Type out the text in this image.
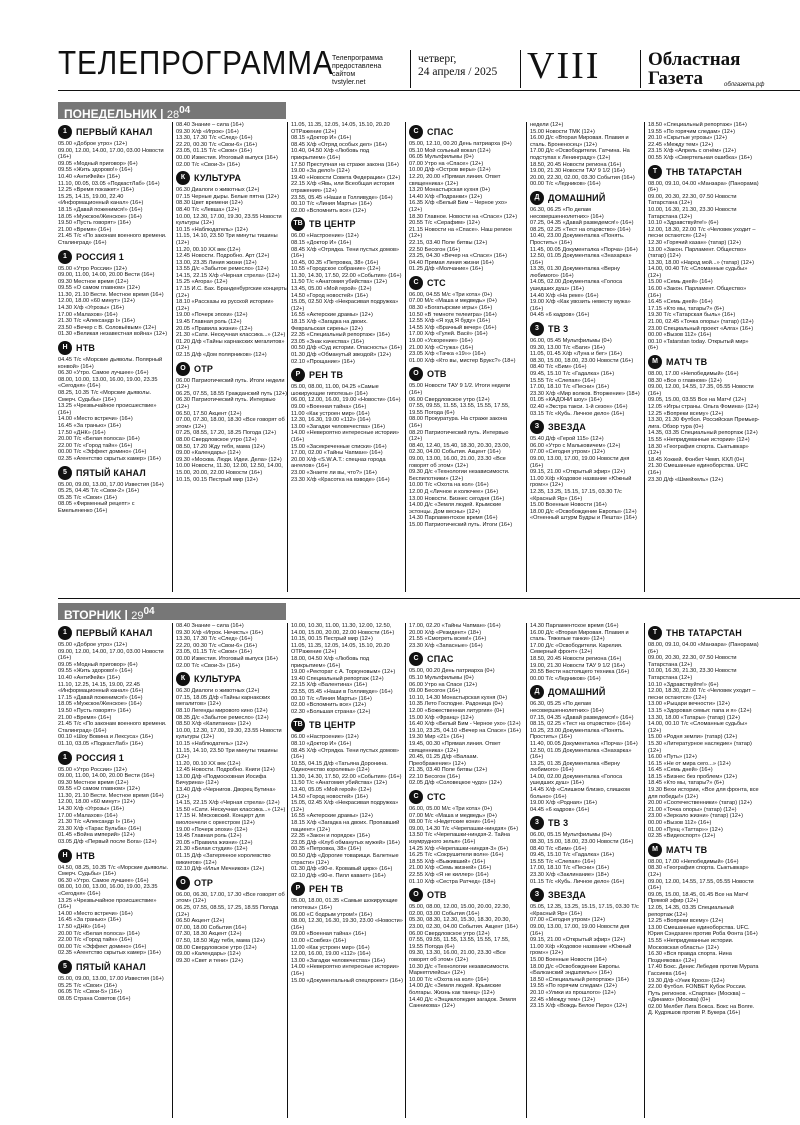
ТЕЛЕПРОГРАММА
Телепрограмма
предоставлена
сайтом
tvstyler.net
четверг,
24 апреля / 2025 VIII	Областная
Газета	облгазета.рф
ПОНЕДЕЛЬНИК | $28^{04}$
1	ПЕРВЫЙ КАНАЛ

05.00 «Доброе утро» (12+)

09.00, 12.00, 14.00, 17.00, 03.00 Новости (16+)

09.05 «Модный приговор» (6+)

09.55 «Жить здорово!» (16+)

10.40 «АнтиФейк» (16+)

11.10, 00.05, 03.05 «ПодкастЛаб» (16+)

12.25 «Время покажет» (16+)

15.25, 14.15, 19.00, 22.40 «Информационный канал» (16+)

18.15 «Давай поженимся!» (16+)

18.05 «Мужское/Женское» (16+)

19.50 «Пусть говорят» (16+)

21.00 «Время» (16+)

21.45 Т/с «По законам военного времени. Сталинград» (16+)

1	РОССИЯ 1

05.00 «Утро России» (12+)

09.00, 11.00, 14.00, 20.00 Вести (16+)

09.30 Местное время (12+)

09.55 «О самом главном» (12+)

11.30, 21.10 Вести. Местное время (16+)

12.00, 18.00 «60 минут» (12+)

14.30 Х/ф «Угрозы» (16+)

17.00 «Малахов» (16+)

21.30 Т/с «Александр I» (16+)

23.50 «Вечер с В. Соловьёвым» (12+)

01.30 «Великая незавестная война» (12+)

Н НТВ

04.45 Т/с «Морские дьяволы. Полярный конвой» (16+)

06.30 «Утро. Самое лучшее» (16+)

08.00, 10.00, 13.00, 16.00, 19.00, 23.35 «Сегодня» (16+)

08.25, 10.35 Т/с «Морские дьяволы. Смерч. Судьбы» (16+)

13.25 «Чрезвычайное происшествие» (16+)

14.00 «Место встречи» (16+)

16.45 «За гранью» (16+)

17.50 «ДНК» (16+)

20.00 Т/с «Белая полоса» (16+)

22.00 Т/с «Город тайн» (16+)

00.00 Т/с «Эффект домино» (16+)

02.35 «Агентство скрытых камер» (16+)

5	ПЯТЫЙ КАНАЛ

05.00, 09.00, 13.00, 17.00 Известия (16+)

05.25, 04.45 Т/с «Свои-2» (16+)

05.35 Т/с «Свои» (16+)

08.05 «Фирменный рецепт» с Емельяненко (16+)

08.40 Знание – сила (16+)

09.30 Х/ф «Игрок» (16+)

13.30, 17.30 Т/с «След» (16+)

22.20, 00.30 Т/с «Свои-6» (16+)

23.05, 01.15 Т/с «Свои» (16+)

00.00 Известия. Итоговый выпуск (16+)

02.00 Т/с «Свои-3» (16+)

К КУЛЬТУРА

06.30 Диалоги о животных (12+)

07.15 Черные дыры. Белые пятна (12+)

08.30 Цвет времени (12+)

08.40 Т/с «Левша» (12+)

10.00, 12.30, 17.00, 19.30, 23.55 Новости культуры (12+)

10.15 «Наблюдатель» (12+)

11.15, 14.10, 23.50 Три минуты тишины (12+)

11.20, 00.10 ХХ век (12+)

12.45 Новости. Подробно. Арт (12+)

13.00, 23.35 Линия жизни (12+)

13.55 Д/с «Забытое ремесло» (12+)

14.15, 22.15 Х/ф «Черная стрела» (12+)

15.25 «Агора» (12+)

17.15 И.С. Бах. Бранденбургские концерты (12+)

18.10 «Рассказы из русской истории» (12+)

19.00 «Почерк эпохи» (12+)

19.45 Главная роль (12+)

20.05 «Правила жизни» (12+)

21.30 «Сати. Нескучная классика...» (12+)

01.20 Д/ф «Тайны карнакских мегалитов» (12+)

02.15 Д/ф «Дом полярников» (12+)

О ОТР

06.00 Патриотический путь. Итоги недели (12+)

06.25, 07.55, 18.55 Гражданский путь (12+)

06.30 Патриотический путь. Интервью (12+)

06.50, 17.50 Акцент (12+)

07.00, 07.30, 18.00, 18.30 «Все говорят об этом» (12+)

07.25, 08.55, 17.20, 18.25 Погода (12+)

08.00 Свердловское утро (12+)

08.50, 17.20 Жду тебя, мама (12+)

09.00 «Календарь» (12+)

09.30 «Москва. Люди. Идеи. Дела» (12+)

10.00 Новости, 11.30, 12.00, 12.50, 14.00, 15.00, 20.00, 22.00 Новости (16+)

10.15, 00.15 Пестрый мир (12+)

11.05, 11.35, 12.05, 14.05, 15.10, 20.20 ОТРажение (12+)

08.15 «Доктор И» (16+)

08.45 Х/ф «Отряд особых дел» (16+)

10.40, 04.50 Х/ф «Любовь под прикрытием» (16+)

17.50 Преступная на страже закона (16+)

19.00 «За дело!» (12+)

19.40 «Новости Совета Федерации» (12+)

22.15 Х/ф «Явь, или Всеобщая история отражения» (12+)

23.55, 05.45 «Наши в Голливуде» (16+)

00.10 Т/с «Линия Марты» (16+)

02.00 «Вспомнить все» (12+)

ТВ ТВ ЦЕНТР

06.00 «Настроение» (12+)

08.15 «Доктор И» (16+)

08.45 Х/ф «Отрядка. Тени пустых домов» (16+)

10.45, 00.35 «Петровка, 38» (16+)

10.55 «Городское собрание» (12+)

11.30, 14.30, 17.50, 22.00 «События» (16+)

11.50 Т/с «Анатомия убийства» (12+)

13.45, 05.00 «Мой герой» (12+)

14.50 «Город новостей» (16+)

15.05, 02.50 Х/ф «Некрасивая подружка» (12+)

16.55 «Актерские драмы» (12+)

18.15 Х/ф «Загадка на двоих. Февральская сирень» (12+)

22.35 «Специальный репортаж» (16+)

23.05 «Знак качества» (16+)

00.50 Д/ф «Суд истории. Опасность» (16+)

01.30 Д/ф «Обманутый звездой» (12+)

02.10 «Прощание» (16+)

Р РЕН ТВ

05.00, 08.00, 11.00, 04.25 «Самые шокирующие гипотезы» (16+)

06.00, 12.00, 16.00, 19.00 «Новости» (16+)

09.00 «Военная тайна» (16+)

11.00 «Как устроен мир» (16+)

12.30, 16.30, 19.00 «112» (16+)

13.00 «Загадки человечества» (16+)

14.00 «Невероятно интересные истории» (16+)

15.00 «Засекреченные списки» (16+)

17.00, 02.00 «Тайны Чапман» (16+)

20.00 Х/ф «S.W.A.T.: спецназ города ангелов» (16+)

23.00 «Знаете ли вы, что?» (16+)

23.30 Х/ф «Красотка на взводе» (16+)

С СПАС

05.00, 12.10, 00.20 День патриарха (0+)

05.10 Мой сольный вокал (12+)

06.05 Мультфильмы (0+)

07.00 Утро на «Спасе» (12+)

10.00 Д/ф «Остров веры» (12+)

12.20, 20.00 «Прямая линия. Ответ священника» (12+)

13.20 Монастырская кухня (0+)

14.40 Х/ф «Подранки» (12+)

16.35 Х/ф «Белый Бим – Черное ухо» (12+)

18.30 Главное. Новости на «Спасе» (12+)

20.55 Т/с «Серафим» (12+)

21.15 Новости на «Спасе». Наш регион (12+)

22.15, 03.40 Поле битвы (12+)

22.50 Бесогон (16+)

23.25, 04.30 «Вечер на «Спасе» (16+)

04.40 Прямая линия жизни (16+)

01.25 Д/ф «Молчание» (16+)

С СТС

06.00, 04.55 М/с «Три кота» (0+)

07.00 М/с «Маша и медведь» (0+)

08.30 «Богатырские игры» (16+)

10.50 «В темноте телеигра» (16+)

12.55 Х/ф «Я худ Я буду» (16+)

14.55 Х/ф «Брачный вечер» (16+)

17.00 Х/ф «Гулей. Васё» (16+)

19.00 «Ускорение» (16+)

21.00 Х/ф «Стужа» (16+)

23.05 Х/ф «Тачка «19»» (16+)

01.00 Х/ф «Кто вы, мистер Брукс?» (18+)

О ОТВ

05.00 Новости ТАУ 9 1/2. Итоги недели (16+)

06.00 Свердловское утро (12+)

07.55, 09.55, 11.55, 13.55, 15.55, 17.55, 19.55 Погода (6+)

08.00 Прокуратура. На страже закона (16+)

08.20 Патриотический путь. Интервью (12+)

08.40, 12.40, 15.40, 18.30, 20.30, 23.00, 02.30, 04.00 События. Акцент (16+)

09.00, 13.00, 16.00, 21.00, 23.30 «Все говорят об этом» (12+)

09.30 Д/с «Технологии независимости. Беспилотники» (12+)

10.00 Т/с «Охота на кол» (16+)

12.00 Д «Личное и колючее» (16+)

13.00 Новости. Бизнес сегодня (16+)

14.00 Д/с «Земля людей. Крымские эстонцы. Дом весны» (12+)

14.30 Парламентское время (16+)

15.00 Патриотический путь. Итоги (16+)

недели (12+)

15.00 Новости ТМК (12+)

16.00 Д/с «Вторая Мировая. Плавия и сталь. Броненосец» (12+)

17.00 Д/с «Освободители. Гатчина. На подступах к Ленинграду» (12+)

18.50, 20.45 Новости региона (16+)

19.00, 21.30 Новости ТАУ 9 1/2 (16+)

20.00, 22.30, 02.00, 03.30 События (16+)

00.00 Т/с «Ледников» (16+)

Д ДОМАШНИЙ

06.30, 06.25 «По делам несовершеннолетних» (16+)

07.25, 04.35 «Давай разведемся!» (16+)

08.25, 02.25 «Тест на отцовство» (16+)

10.40, 23.00 Документалка «Понять. Простить» (16+)

11.45, 00.05 Документалка «Порча» (16+)

12.50, 01.05 Документалка «Знахарка» (16+)

13.35, 01.30 Документалка «Верну любимого» (16+)

14.05, 02.00 Документалка «Голоса ушедших душ» (16+)

14.40 Х/ф «На реке» (16+)

19.00 Х/ф «Как увозить невесту мужа» (16+)

04.45 «6 кадров» (16+)

3	ТВ 3

06.00, 05.45 Мультфильмы (0+)

09.30, 13.00 Т/с «Баги» (16+)

11.05, 01.45 Х/ф «Луна и бег» (16+)

08.30, 15.00, 18.00, 23.00 Новости (16+)

08.40 Т/с «Бим» (16+)

09.45, 15.10 Т/с «Гадалка» (16+)

15.55 Т/с «Слепая» (16+)

17.00, 18.10 Т/с «Песни» (16+)

23.30 Х/ф «Мир волков. Вторжение» (18+)

01.05 «КАДОНИ шоу» (16+)

02.40 «Экстра такси. 1-й сезон» (16+)

03.15 Т/с «Кубь. Личное дело» (16+)

З ЗВЕЗДА

05.40 Д/ф «Герой 115» (12+)

06.00 «Утро с Мальковичем» (12+)

07.00 «Сегодня утром» (12+)

09.00, 13.00, 17.00, 19.00 Новости дня (16+)

09.15, 21.00 «Открытый эфир» (12+)

11.00 Х/ф «Кодовое название «Южный гром»» (12+)

12.35, 13.25, 15.15, 17.15, 03.30 Т/с «Красный Яр» (16+)

15.00 Военные Новости (16+)

18.00 Д/с «Освобождение Европы» (12+)

«Огненный штурм Будры и Пешта» (16+)

18.50 «Специальный репортаж» (16+)

19.55 «По горячим следам» (12+)

20.10 «Скрытые угрозы» (12+)

22.45 «Между тем» (12+)

23.15 Х/ф «Апрель с огнём» (12+)

00.55 Х/ф «Смертельная ошибка» (16+)

Т ТНВ ТАТАРСТАН

08.00, 09.10, 04.00 «Манзара» (Панорама) (6+)

09.00, 20.30, 22.30, 07.50 Новости Татарстана (12+)

10.00, 16.30, 21.30, 23.30 Новости Татарстана (12+)

10.10 «Здравствуйте!» (6+)

12.00, 18.30, 22.00 Т/с «Человек уходит – песни остаются» (12+)

12.30 «Горячий казан» (татар) (12+)

13.00 «Закон. Парламент. Общество» (татар) (12+)

13.30, 18.00 «Народ мой...» (татар) (12+)

14.00, 00.40 Т/с «Сломанные судьбы» (12+)

15.00 «Семь дней» (16+)

16.00 «Закон. Парламент. Общество» (16+)

16.45 «Семь дней» (16+)

17.15 «Кто мы, татары?» (6+)

19.30 Т/с «Татарская быль» (16+)

21.00, 02.45 «Точка опоры» (татар) (12+)

23.00 Специальный проект «Алга» (16+)

00.00 «Вызов 112» (16+)

00.10 «Tatarstan today. Открытый мир» (6+)

М МАТЧ ТВ

08.00, 17.00 «Непобедимый» (16+)

08.30 «Все о главном» (12+)

09.00, 12.00, 14.55, 17.35, 05.55 Новости (16+)

09.05, 15.00, 03.55 Все на Матч! (12+)

12.05 «Игры страны. Ольга Фомина» (12+)

12.25 «Вопреки всему» (12+)

13.30, 21.30 Футбол. Российская Премьер-лига. Обзор тура (0+)

14.35, 03.35 Специальный репортаж (12+)

15.55 «Непридуманные истории» (12+)

18.30 «География спорта. Сыктывкар» (12+)

18.45 Хоккей. Фонбет Чемп. КХЛ (0+)

21.30 Смешанные единоборства. UFC (16+)

23.30 Д/ф «Шмейхель» (12+)

ВТОРНИК | $29^{04}$
1	ПЕРВЫЙ КАНАЛ

05.00 «Доброе утро» (12+)

09.00, 12.00, 14.00, 17.00, 03.00 Новости (16+)

09.05 «Модный приговор» (6+)

09.55 «Жить здорово!» (16+)

10.40 «АнтиФейк» (16+)

11.10, 12.25, 14.15, 19.00, 22.45 «Информационный канал» (16+)

17.15 «Давай поженимся!» (16+)

18.05 «Мужское/Женское» (16+)

19.50 «Пусть говорят» (16+)

21.00 «Время» (16+)

21.45 Т/с «По законам военного времени. Сталинград» (16+)

00.10 «Шоу Вовина и Лексуса» (16+)

01.10, 03.05 «ПодкастЛаб» (16+)

1	РОССИЯ 1

05.00 «Утро России» (12+)

09.00, 11.00, 14.00, 20.00 Вести (16+)

09.30 Местное время (12+)

09.55 «О самом главном» (12+)

11.30, 21.10 Вести. Местное время (16+)

12.00, 18.00 «60 минут» (12+)

14.30 Х/ф «Угрозы» (16+)

17.00 «Малахов» (16+)

21.30 Т/с «Александр I» (16+)

23.30 Х/ф «Тарас Бульба» (16+)

01.45 «Война империй» (12+)

03.05 Д/ф «Первый после Бога» (12+)

Н НТВ

04.50, 08.25, 10.35 Т/с «Морские дьяволы. Смерч. Судьбы» (16+)

06.30 «Утро. Самое лучшее» (16+)

08.00, 10.00, 13.00, 16.00, 19.00, 23.35 «Сегодня» (16+)

13.25 «Чрезвычайное происшествие» (16+)

14.00 «Место встречи» (16+)

16.45 «За гранью» (16+)

17.50 «ДНК» (16+)

20.00 Т/с «Белая полоса» (16+)

22.00 Т/с «Город тайн» (16+)

00.00 Т/с «Эффект домино» (16+)

02.35 «Агентство скрытых камер» (16+)

5	ПЯТЫЙ КАНАЛ

05.00, 09.00, 13.00, 17.00 Известия (16+)

05.25 Т/с «Свои» (16+)

06.05 Т/с «Свои-5» (16+)

08.05 Страна Советов (16+)

08.40 Знание – сила (16+)

09.30 Х/ф «Игрок. Нечисть» (16+)

13.30, 17.30 Т/с «След» (16+)

22.20, 00.30 Т/с «Свои-6» (16+)

23.05, 01.15 Т/с «Свои» (16+)

00.00 Известия. Итоговый выпуск (16+)

02.00 Т/с «Свои-3» (16+)

К КУЛЬТУРА

06.30 Диалоги о животных (12+)

07.15, 18.05 Д/ф «Тайны карнакских мегалитов» (12+)

08.10 Легенды мирового кино (12+)

08.35 Д/с «Забытое ремесло» (12+)

08.50 Х/ф «Капитанка» (12+)

10.00, 12.30, 17.00, 19.30, 23.55 Новости культуры (12+)

10.15 «Наблюдатель» (12+)

11.15, 14.10, 23.50 Три минуты тишины (12+)

11.20, 00.10 ХХ век (12+)

12.45 Новости. Подробно. Книги (12+)

13.00 Д/ф «Подмосковная Иосифа Бичурина» (12+)

13.40 Д/ф «Чернигов. Дворец Бутина» (12+)

14.15, 22.15 Х/ф «Черная стрела» (12+)

15.50 «Сати. Нескучная классика...» (12+)

17.15 Н. Мясковский. Концерт для виолончели с оркестром (12+)

19.00 «Почерк эпохи» (12+)

19.45 Главная роль (12+)

20.05 «Правила жизни» (12+)

21.30 «Белая студия» (12+)

01.15 Д/ф «Затерянное королевство викингов» (12+)

02.10 Д/ф «Илья Мечников» (12+)

О ОТР

06.00, 06.30, 17.00, 17.30 «Все говорят об этом» (12+)

06.25, 07.55, 08.55, 17.25, 18.55 Погода (12+)

06.50 Акцент (12+)

07.00, 18.00 События (16+)

07.30, 18.30 Акцент (12+)

07.50, 18.50 Жду тебя, мама (12+)

08.00 Свердловское утро (12+)

09.00 «Календарь» (12+)

09.30 «Свет и тени» (12+)

10.00, 10.30, 11.00, 11.30, 12.00, 12.50, 14.00, 15.00, 20.00, 22.00 Новости (16+)

10.15, 00.15 Пестрый мир (12+)

11.05, 11.35, 12.05, 14.05, 15.10, 20.20 ОТРажение (12+)

18.00, 04.50 Х/ф «Любовь под прикрытием» (16+)

19.00 «Ректорат с А. Торкуновым» (12+)

19.40 Специальный репортаж (12+)

22.15 Х/ф «Валентина» (16+)

23.55, 05.45 «Наши в Голливуде» (16+)

00.10 Т/с «Линия Марты» (16+)

02.00 «Вспомнить все» (12+)

02.30 «Большая страна» (12+)

ТВ ТВ ЦЕНТР

06.00 «Настроение» (12+)

08.10 «Доктор И» (16+)

08.45 Х/ф «Отрядка. Тени пустых домов» (16+)

10.55, 04.15 Д/ф «Татьяна Доронина. Одиночество королевы» (12+)

11.30, 14.30, 17.50, 22.00 «События» (16+)

11.50 Т/с «Анатомия убийства» (12+)

13.40, 05.05 «Мой герой» (12+)

14.50 «Город новостей» (16+)

15.05, 02.45 Х/ф «Некрасивая подружка» (12+)

16.55 «Актерские драмы» (12+)

18.15 Х/ф «Загадка на двоих. Пропавший пациент» (12+)

22.35 «Закон и порядок» (16+)

23.05 Д/ф «Клуб обманутых мужей» (16+)

00.35 «Петровка, 38» (16+)

00.50 Д/ф «Дорогие товарищи. Балетные страсти» (12+)

01.30 Д/ф «90-е. Кровавый цирк» (16+)

02.10 Д/ф «90-е. Пилл кавает» (16+)

Р РЕН ТВ

05.00, 18.00, 01.35 «Самые шокирующие гипотезы» (16+)

06.00 «С бодрым утром!» (16+)

08.00, 12.30, 16.30, 19.30, 23.00 «Новости» (16+)

09.00 «Военная тайна» (16+)

10.00 «Совбез» (16+)

11.00 «Как устроен мир» (16+)

12.00, 16.00, 19.00 «112» (16+)

13.00 «Загадки человечества» (16+)

14.00 «Невероятно интересные истории» (16+)

15.00 «Документальный спецпроект» (16+)

17.00, 02.20 «Тайны Чапман» (16+)

20.00 Х/ф «Резидент» (18+)

21.55 «Смотреть всем!» (16+)

23.30 Х/ф «Запасные» (16+)

С СПАС

05.00, 00.20 День патриарха (0+)

05.10 Мультфильмы (0+)

06.00 Утро на Спасе (12+)

09.00 Бесогон (16+)

10.10, 14.30 Монастырская кухня (0+)

10.35 Лето Господне. Радоница (0+)

12.00 «Божественная литургия» (0+)

15.00 Х/ф «Франц» (12+)

16.40 Х/ф «Белый Бим - Черное ухо» (12+)

19.10, 23.25, 04.10 «Вечер на Спасе» (16+)

19.30 Мир «21» (16+)

19.45, 00.30 «Прямая линия. Ответ священника» (12+)

20.45, 01.25 Д/ф «Валаам. Преображение» (12+)

21.35, 03.40 Поле битвы (12+)

22.10 Бесогон (16+)

02.05 Д/ф «Соловецкое чудо» (12+)

С СТС

06.00, 05.00 М/с «Три кота» (0+)

07.00 М/с «Маша и медведь» (0+)

08.00 Т/с «Недетские кони» (16+)

09.00, 14.30 Т/с «Черепашки-ниндзя» (6+)

13.50 Т/с «Черепашки-ниндзя-2. Тайна изумрудного зелья» (16+)

14.25 Х/ф «Черепашки-ниндзя-3» (6+)

16.25 Т/с «Сокрушители волн» (16+)

18.55 Х/ф «Выживший» (16+)

21.00 Х/ф «Семь жизней» (16+)

22.55 Х/ф «Я не киллер» (16+)

01.10 Х/ф «Сестра Ратчед» (18+)

О ОТВ

05.00, 08.00, 12.00, 15.00, 20.00, 22.30, 02.00, 03.00 События (16+)

05.30, 08.30, 12.30, 15.30, 18.30, 20.30, 23.00, 02.30, 04.00 События. Акцент (16+)

06.00 Свердловское утро (12+)

07.55, 09.55, 11.55, 13.55, 15.55, 17.55, 19.55 Погода (6+)

09.30, 13.30, 16.00, 21.00, 23.30 «Все говорят об этом» (12+)

10.30 Д/с «Технологии независимости. Маркетплейсы» (12+)

10.00 Т/с «Охота на кол» (16+)

14.00 Д/с «Земля людей. Крымские болгары. Жизнь как танец» (12+)

14.40 Д/с «Энциклопедия загадок. Земля Санникова» (12+)

14.30 Парламентское время (16+)

16.00 Д/с «Вторая Мировая. Плавия и сталь. Тяжелые танки» (12+)

17.00 Д/с «Освободители. Карелия. Северный фронт» (12+)

18.50, 20.45 Новости региона (16+)

19.00, 21.30 Новости ТАУ 9 1/2 (16+)

20.55 Вести настоящего техника (16+)

00.00 Т/с «Ледников» (16+)

Д ДОМАШНИЙ

06.30, 05.25 «По делам несовершеннолетних» (16+)

07.15, 04.35 «Давай разведемся!» (16+)

08.15, 02.25 «Тест на отцовство» (16+)

10.25, 23.00 Документалка «Понять. Простить» (16+)

11.40, 00.05 Документалка «Порча» (16+)

12.50, 01.05 Документалка «Знахарка» (16+)

13.25, 01.35 Документалка «Верну любимого» (16+)

14.00, 02.00 Документалка «Голоса ушедших душ» (16+)

14.45 Х/ф «Слишком близко, слишком больно» (16+)

19.00 Х/ф «Родная» (16+)

04.45 «6 кадров» (16+)

3	ТВ 3

06.00, 05.15 Мультфильмы (0+)

08.30, 15.00, 18.00, 23.00 Новости (16+)

08.40 Т/с «Бим» (16+)

09.45, 15.10 Т/с «Гадалка» (16+)

15.55 Т/с «Слепая» (16+)

17.00, 18.10 Т/с «Песни» (16+)

23.30 Х/ф «Заклинание» (18+)

01.15 Т/с «Кубь. Личное дело» (16+)

З ЗВЕЗДА

05.05, 12.35, 13.25, 15.15, 17.15, 03.30 Т/с «Красный Яр» (16+)

07.00 «Сегодня утром» (12+)

09.00, 13.00, 17.00, 19.00 Новости дня (16+)

09.15, 21.00 «Открытый эфир» (12+)

11.00 Х/ф «Кодовое название «Южный гром»» (12+)

15.00 Военные Новости (16+)

18.00 Д/с «Освобождение Европы. «Балканский эндшпиль»» (16+)

18.50 «Специальный репортаж» (16+)

19.55 «По горячим следам» (12+)

20.10 «Улики из прошлого» (12+)

22.45 «Между тем» (12+)

23.15 Х/ф «Вождь Белое Перо» (12+)

Т ТНВ ТАТАРСТАН

08.00, 09.10, 04.00 «Манзара» (Панорама) (6+)

09.00, 20.30, 22.30, 07.50 Новости Татарстана (12+)

10.00, 16.30, 21.30, 23.30 Новости Татарстана (12+)

10.10 «Здравствуйте!» (6+)

12.00, 18.30, 22.00 Т/с «Человек уходит – песни остаются» (12+)

13.00 «Рыцари вечности» (12+)

13.15 «Здоровая семья: папа и я» (12+)

13.30, 18.00 «Татары» (татар) (12+)

14.00, 00.10 Т/с «Сломанные судьбы» (12+)

15.00 «Родня земли» (татар) (12+)

15.30 «Литературное наследие» (татар) (12+)

16.00 «Путь» (12+)

16.15 «Не от мира сего...» (12+)

16.45 «Семь дней» (16+)

18.15 «Бизнес без проблем» (12+)

18.45 «Кто мы, татары?» (6+)

19.30 Вехи истории, «Все для фронта, все для победы!» (12+)

20.00 «Соотечественники» (татар) (12+)

21.00 «Точка опоры» (татар) (12+)

23.00 «Зеркало жизни» (татар) (12+)

00.00 «Вызов 112» (16+)

01.00 «Пунц «Таттар»» (12+)

02.35 «Видеоспорт» (12+)

М МАТЧ ТВ

08.00, 17.00 «Непобедимый» (16+)

08.30 «География спорта. Сыктывкар» (12+)

09.00, 12.00, 14.55, 17.55, 05.55 Новости (16+)

09.05, 15.00, 18.45, 01.45 Все на Матч! Прямой эфир (12+)

12.05, 14.35, 03.35 Специальный репортаж (12+)

12.25 «Вопреки всему» (12+)

13.00 Смешанные единоборства. UFC. Юрия Сэндхаген против Роба Фонта (16+)

15.55 «Непридуманные истории. Московская область» (12+)

16.30 «Вся правда спорта. Нина Позднякова» (12+)

17.40 Бокс. Денис Лебедев против Мурата Гассиева (16+)

19.30 Д/ф «Уник Крооз» (12+)

22.00 Футбол. FONBET Кубок России. Путь регионов. «Спартак» (Москва) – «Динамо» (Москва) (0+)

02.00 Мелбет Лига Бокса. Бокс на Волге. Д. Кудряшов против Р. Букера (16+)
